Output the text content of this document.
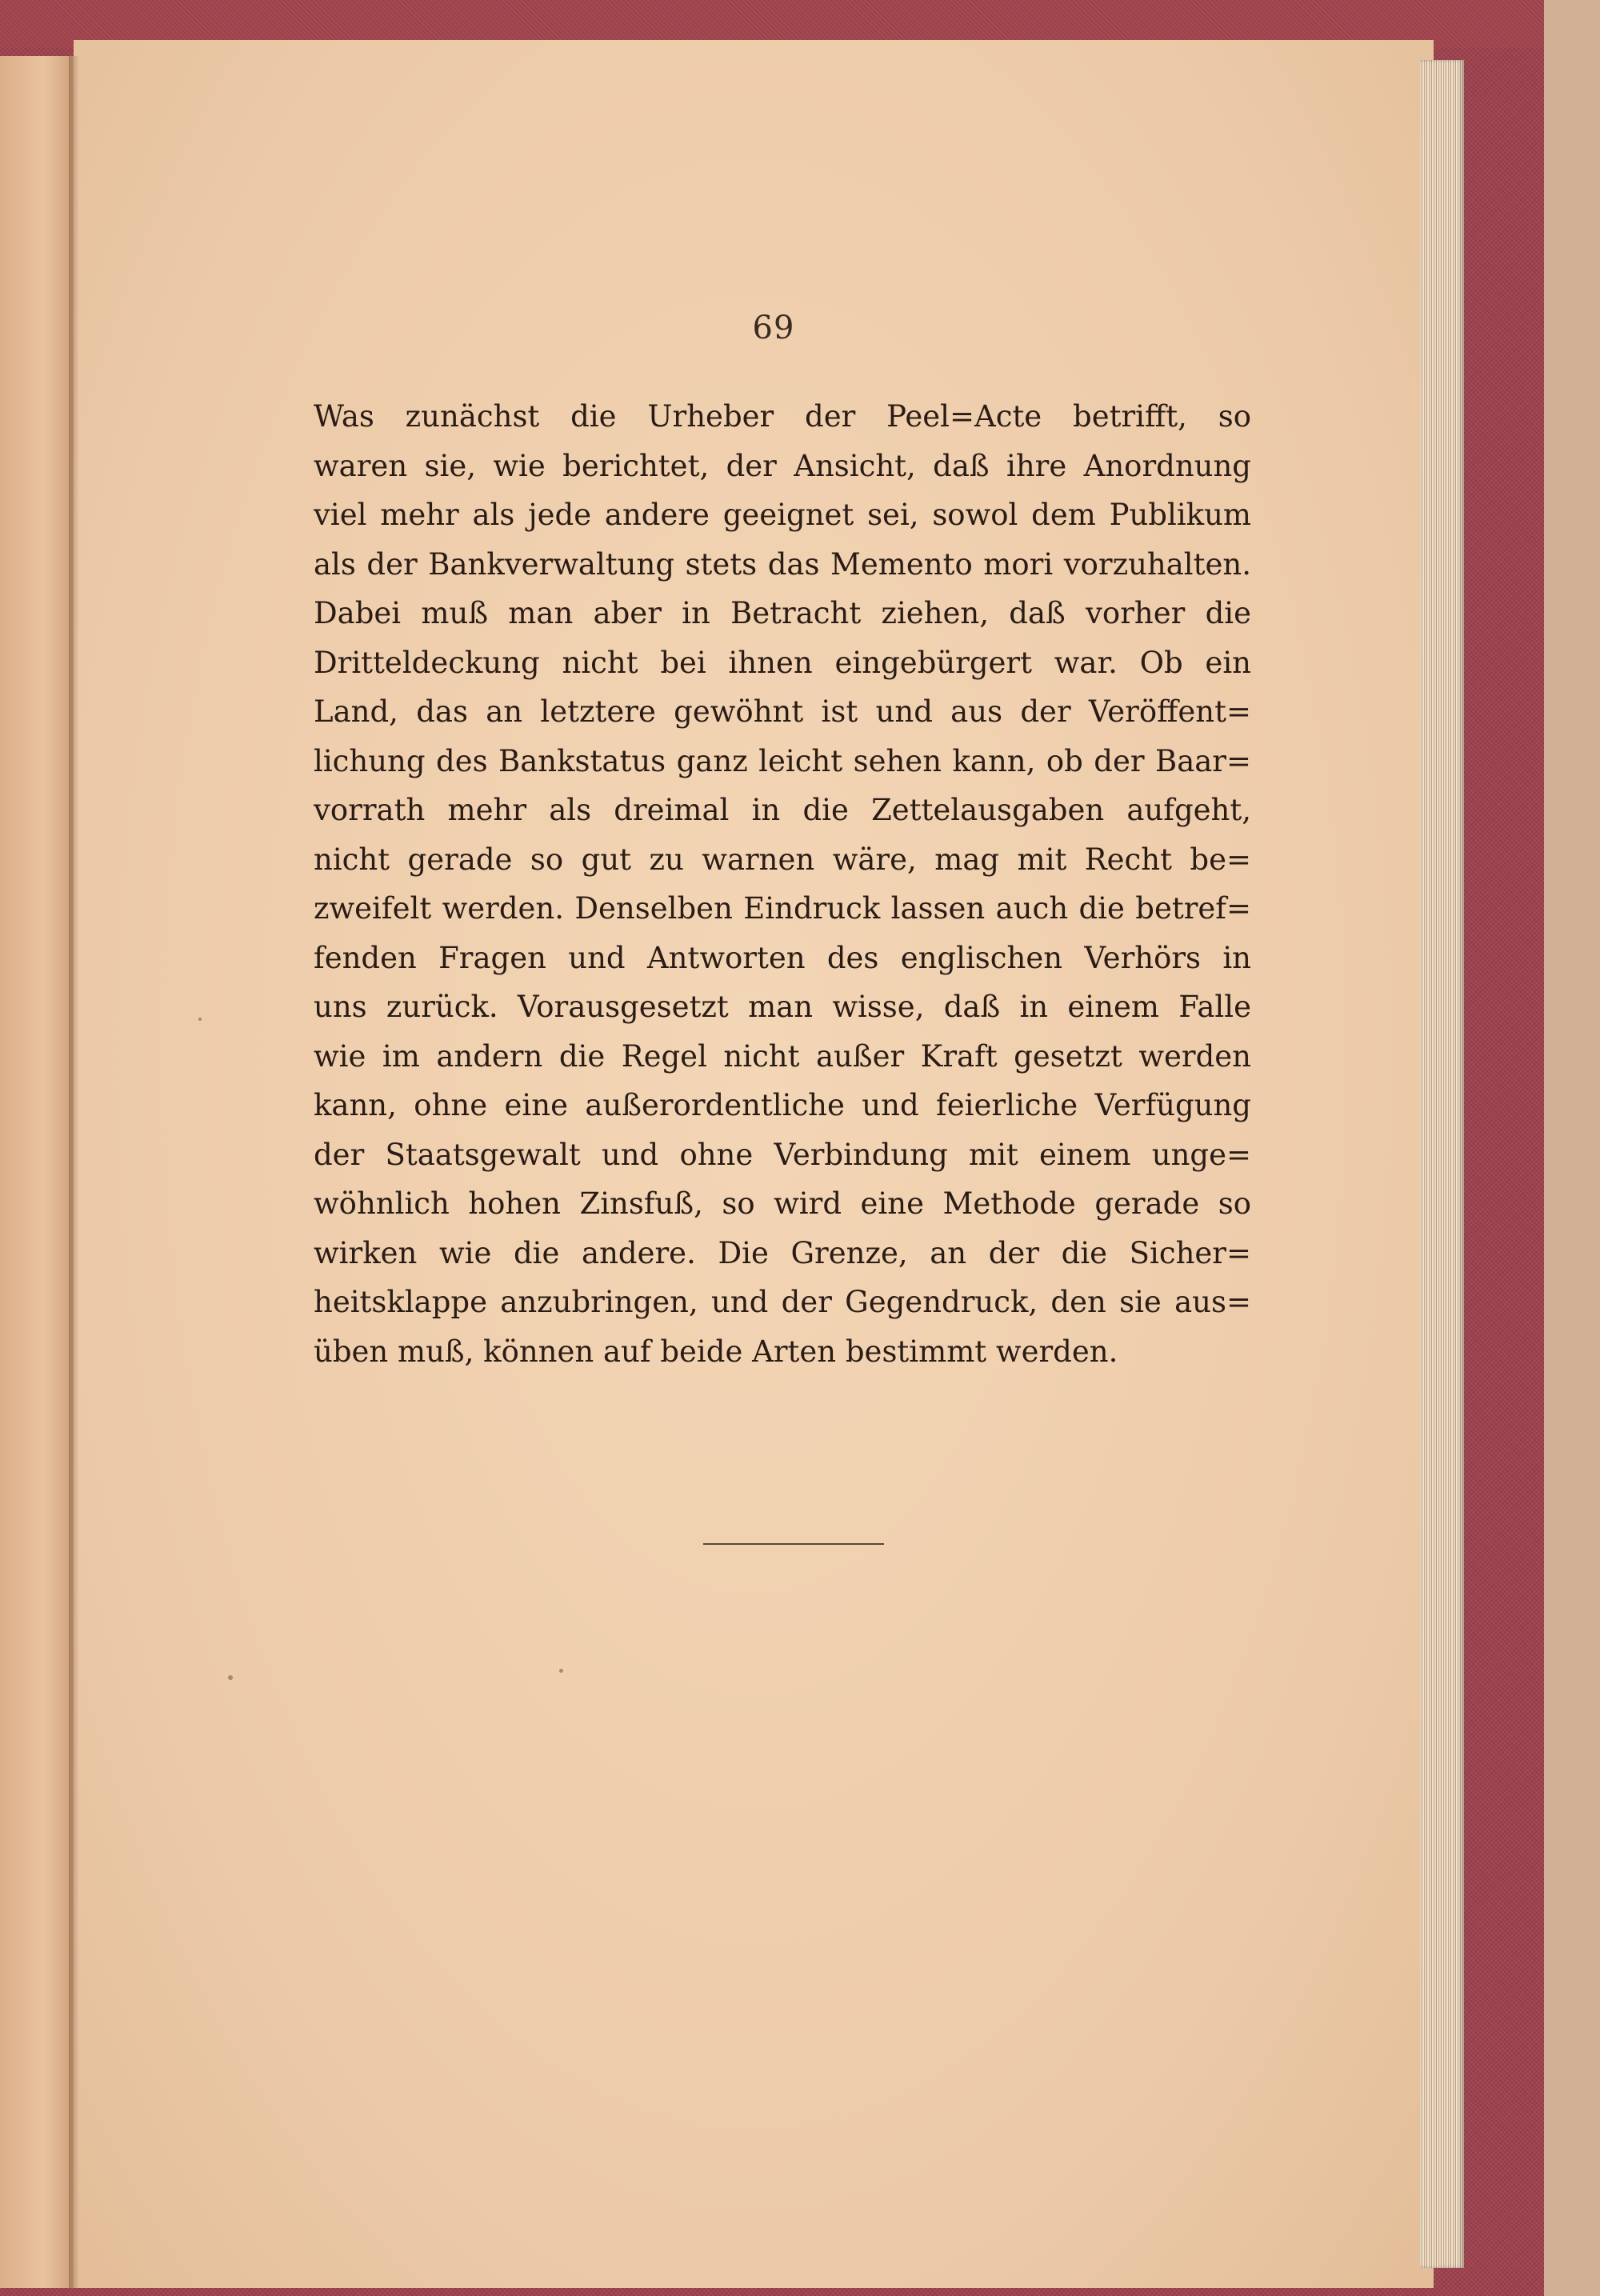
69
Was zunächst die Urheber der Peel=Acte betrifft, so
waren sie, wie berichtet, der Ansicht, daß ihre Anordnung
viel mehr als jede andere geeignet sei, sowol dem Publikum
als der Bankverwaltung stets das Memento mori vorzuhalten.
Dabei muß man aber in Betracht ziehen, daß vorher die
Dritteldeckung nicht bei ihnen eingebürgert war. Ob ein
Land, das an letztere gewöhnt ist und aus der Veröffent=
lichung des Bankstatus ganz leicht sehen kann, ob der Baar=
vorrath mehr als dreimal in die Zettelausgaben aufgeht,
nicht gerade so gut zu warnen wäre, mag mit Recht be=
zweifelt werden. Denselben Eindruck lassen auch die betref=
fenden Fragen und Antworten des englischen Verhörs in
uns zurück. Vorausgesetzt man wisse, daß in einem Falle
wie im andern die Regel nicht außer Kraft gesetzt werden
kann, ohne eine außerordentliche und feierliche Verfügung
der Staatsgewalt und ohne Verbindung mit einem unge=
wöhnlich hohen Zinsfuß, so wird eine Methode gerade so
wirken wie die andere. Die Grenze, an der die Sicher=
heitsklappe anzubringen, und der Gegendruck, den sie aus=
üben muß, können auf beide Arten bestimmt werden.
